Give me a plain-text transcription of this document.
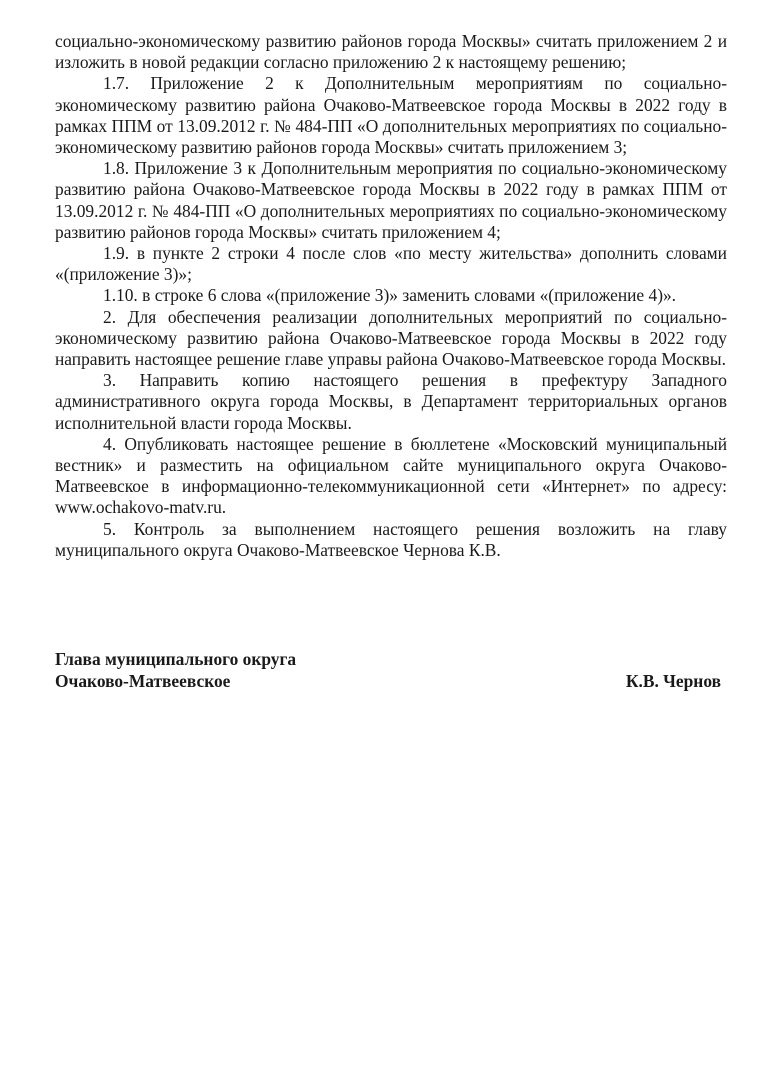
социально-экономическому развитию районов города Москвы» считать приложением 2 и изложить в новой редакции согласно приложению 2 к настоящему решению;

1.7. Приложение 2 к Дополнительным мероприятиям по социально-экономическому развитию района Очаково-Матвеевское города Москвы в 2022 году в рамках ППМ от 13.09.2012 г. № 484-ПП «О дополнительных мероприятиях по социально-экономическому развитию районов города Москвы» считать приложением 3;

1.8. Приложение 3 к Дополнительным мероприятия по социально-экономическому развитию района Очаково-Матвеевское города Москвы в 2022 году в рамках ППМ от 13.09.2012 г. № 484-ПП «О дополнительных мероприятиях по социально-экономическому развитию районов города Москвы» считать приложением 4;

1.9. в пункте 2 строки 4 после слов «по месту жительства» дополнить словами «(приложение 3)»;

1.10. в строке 6 слова «(приложение 3)» заменить словами «(приложение 4)».

2. Для обеспечения реализации дополнительных мероприятий по социально-экономическому развитию района Очаково-Матвеевское города Москвы в 2022 году направить настоящее решение главе управы района Очаково-Матвеевское города Москвы.

3. Направить копию настоящего решения в префектуру Западного административного округа города Москвы, в Департамент территориальных органов исполнительной власти города Москвы.

4. Опубликовать настоящее решение в бюллетене «Московский муниципальный вестник» и разместить на официальном сайте муниципального округа Очаково-Матвеевское в информационно-телекоммуникационной сети «Интернет» по адресу: www.ochakovo-matv.ru.

5. Контроль за выполнением настоящего решения возложить на главу муниципального округа Очаково-Матвеевское Чернова К.В.

Глава муниципального округа
Очаково-Матвеевское	К.В. Чернов
